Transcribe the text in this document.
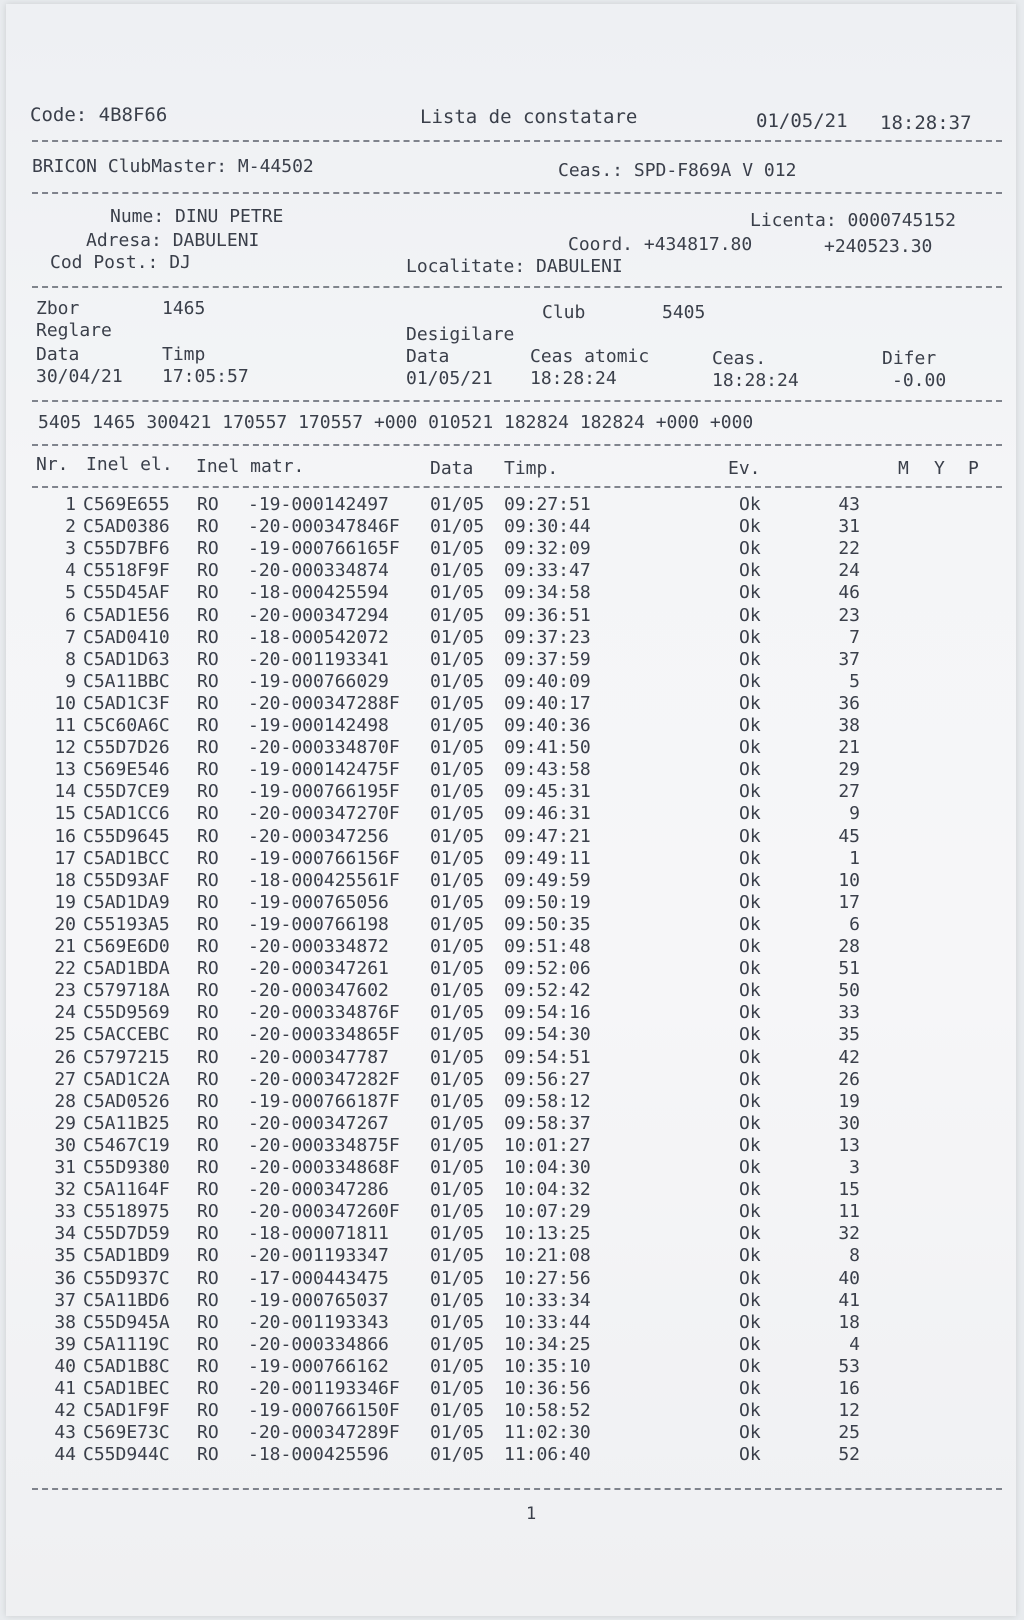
Code: 4B8F66	Lista de constatare	01/05/21 18:28:37
BRICON ClubMaster: M-44502	Ceas.: SPD-F869A V 012
Nume: DINU PETRE	Licenta: 0000745152
Adresa: DABULENI	Coord. +434817.80	+240523.30
Cod Post.: DJ	Localitate: DABULENI
Zbor	1465	Club	5405
Reglare	Desigilare
Data	Timp	Data	Ceas atomic	Ceas.	Difer
30/04/21 17:05:57	01/05/21 18:28:24	18:28:24	-0.00
5405 1465 300421 170557 170557 +000 010521 182824 182824 +000 +000
Nr. Inel el. Inel matr.	Data Timp.	Ev.	M Y P
1 C569E655 RO -19-000142497 01/05 09:27:51	Ok	43
2 C5AD0386 RO -20-000347846F 01/05 09:30:44	Ok	31
3 C55D7BF6 RO -19-000766165F 01/05 09:32:09	Ok	22
4 C5518F9F RO -20-000334874 01/05 09:33:47	Ok	24
5 C55D45AF RO -18-000425594 01/05 09:34:58	Ok	46
6 C5AD1E56 RO -20-000347294 01/05 09:36:51	Ok	23
7 C5AD0410 RO -18-000542072 01/05 09:37:23	Ok	7
8 C5AD1D63 RO -20-001193341 01/05 09:37:59	Ok	37
9 C5A11BBC RO -19-000766029 01/05 09:40:09	Ok	5
10 C5AD1C3F RO -20-000347288F 01/05 09:40:17	Ok	36
11 C5C60A6C RO -19-000142498 01/05 09:40:36	Ok	38
12 C55D7D26 RO -20-000334870F 01/05 09:41:50	Ok	21
13 C569E546 RO -19-000142475F 01/05 09:43:58	Ok	29
14 C55D7CE9 RO -19-000766195F 01/05 09:45:31	Ok	27
15 C5AD1CC6 RO -20-000347270F 01/05 09:46:31	Ok	9
16 C55D9645 RO -20-000347256 01/05 09:47:21	Ok	45
17 C5AD1BCC RO -19-000766156F 01/05 09:49:11	Ok	1
18 C55D93AF RO -18-000425561F 01/05 09:49:59	Ok	10
19 C5AD1DA9 RO -19-000765056 01/05 09:50:19	Ok	17
20 C55193A5 RO -19-000766198 01/05 09:50:35	Ok	6
21 C569E6D0 RO -20-000334872 01/05 09:51:48	Ok	28
22 C5AD1BDA RO -20-000347261 01/05 09:52:06	Ok	51
23 C579718A RO -20-000347602 01/05 09:52:42	Ok	50
24 C55D9569 RO -20-000334876F 01/05 09:54:16	Ok	33
25 C5ACCEBC RO -20-000334865F 01/05 09:54:30	Ok	35
26 C5797215 RO -20-000347787 01/05 09:54:51	Ok	42
27 C5AD1C2A RO -20-000347282F 01/05 09:56:27	Ok	26
28 C5AD0526 RO -19-000766187F 01/05 09:58:12	Ok	19
29 C5A11B25 RO -20-000347267 01/05 09:58:37	Ok	30
30 C5467C19 RO -20-000334875F 01/05 10:01:27	Ok	13
31 C55D9380 RO -20-000334868F 01/05 10:04:30	Ok	3
32 C5A1164F RO -20-000347286 01/05 10:04:32	Ok	15
33 C5518975 RO -20-000347260F 01/05 10:07:29	Ok	11
34 C55D7D59 RO -18-000071811 01/05 10:13:25	Ok	32
35 C5AD1BD9 RO -20-001193347 01/05 10:21:08	Ok	8
36 C55D937C RO -17-000443475 01/05 10:27:56	Ok	40
37 C5A11BD6 RO -19-000765037 01/05 10:33:34	Ok	41
38 C55D945A RO -20-001193343 01/05 10:33:44	Ok	18
39 C5A1119C RO -20-000334866 01/05 10:34:25	Ok	4
40 C5AD1B8C RO -19-000766162 01/05 10:35:10	Ok	53
41 C5AD1BEC RO -20-001193346F 01/05 10:36:56	Ok	16
42 C5AD1F9F RO -19-000766150F 01/05 10:58:52	Ok	12
43 C569E73C RO -20-000347289F 01/05 11:02:30	Ok	25
44 C55D944C RO -18-000425596 01/05 11:06:40	Ok	52
1
